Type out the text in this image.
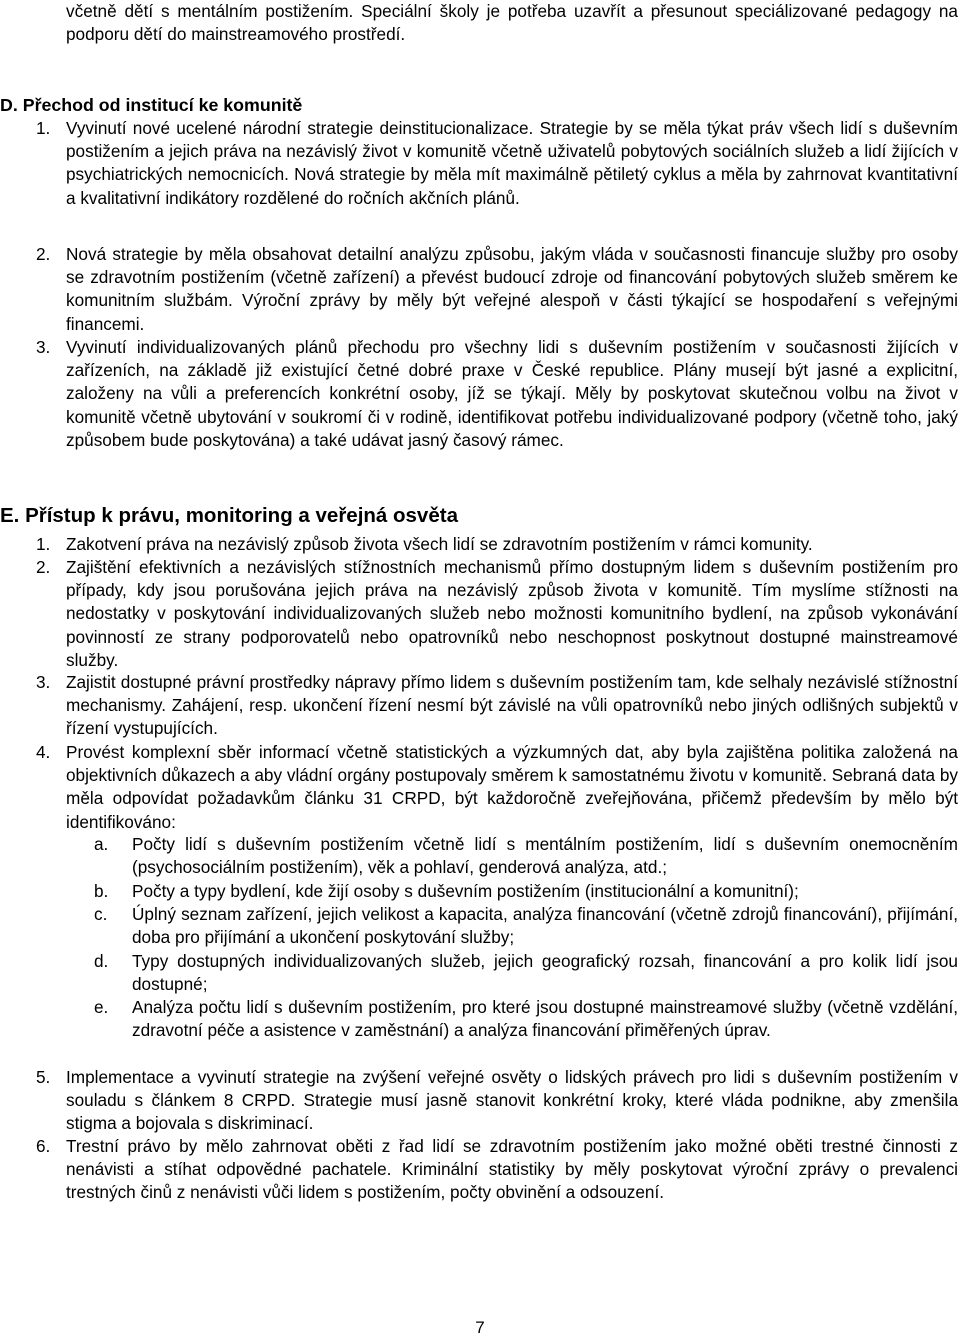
včetně dětí s mentálním postižením. Speciální školy je potřeba uzavřít a přesunout speciálizované pedagogy na podporu dětí do mainstreamového prostředí.

D. Přechod od institucí ke komunitě
1. Vyvinutí nové ucelené národní strategie deinstitucionalizace. Strategie by se měla týkat práv všech lidí s duševním postižením a jejich práva na nezávislý život v komunitě včetně uživatelů pobytových sociálních služeb a lidí žijících v psychiatrických nemocnicích. Nová strategie by měla mít maximálně pětiletý cyklus a měla by zahrnovat kvantitativní a kvalitativní indikátory rozdělené do ročních akčních plánů.

2. Nová strategie by měla obsahovat detailní analýzu způsobu, jakým vláda v současnosti financuje služby pro osoby se zdravotním postižením (včetně zařízení) a převést budoucí zdroje od financování pobytových služeb směrem ke komunitním službám. Výroční zprávy by měly být veřejné alespoň v části týkající se hospodaření s veřejnými financemi.

3. Vyvinutí individualizovaných plánů přechodu pro všechny lidi s duševním postižením v současnosti žijících v zařízeních, na základě již existující četné dobré praxe v České republice. Plány musejí být jasné a explicitní, založeny na vůli a preferencích konkrétní osoby, jíž se týkají. Měly by poskytovat skutečnou volbu na život v komunitě včetně ubytování v soukromí či v rodině, identifikovat potřebu individualizované podpory (včetně toho, jaký způsobem bude poskytována) a také udávat jasný časový rámec.

E. Přístup k právu, monitoring a veřejná osvěta
1. Zakotvení práva na nezávislý způsob života všech lidí se zdravotním postižením v rámci komunity.

2. Zajištění efektivních a nezávislých stížnostních mechanismů přímo dostupným lidem s duševním postižením pro případy, kdy jsou porušována jejich práva na nezávislý způsob života v komunitě. Tím myslíme stížnosti na nedostatky v poskytování individualizovaných služeb nebo možnosti komunitního bydlení, na způsob vykonávání povinností ze strany podporovatelů nebo opatrovníků nebo neschopnost poskytnout dostupné mainstreamové služby.

3. Zajistit dostupné právní prostředky nápravy přímo lidem s duševním postižením tam, kde selhaly nezávislé stížnostní mechanismy. Zahájení, resp. ukončení řízení nesmí být závislé na vůli opatrovníků nebo jiných odlišných subjektů v řízení vystupujících.

4. Provést komplexní sběr informací včetně statistických a výzkumných dat, aby byla zajištěna politika založená na objektivních důkazech a aby vládní orgány postupovaly směrem k samostatnému životu v komunitě. Sebraná data by měla odpovídat požadavkům článku 31 CRPD, být každoročně zveřejňována, přičemž především by mělo být identifikováno:

a.	Počty lidí s duševním postižením včetně lidí s mentálním postižením, lidí s duševním onemocněním (psychosociálním postižením), věk a pohlaví, genderová analýza, atd.;

b.	Počty a typy bydlení, kde žijí osoby s duševním postižením (institucionální a komunitní);

c.	Úplný seznam zařízení, jejich velikost a kapacita, analýza financování (včetně zdrojů financování), přijímání, doba pro přijímání a ukončení poskytování služby;

d.	Typy dostupných individualizovaných služeb, jejich geografický rozsah, financování a pro kolik lidí jsou dostupné;

e.	Analýza počtu lidí s duševním postižením, pro které jsou dostupné mainstreamové služby (včetně vzdělání, zdravotní péče a asistence v zaměstnání) a analýza financování přiměřených úprav.

5. Implementace a vyvinutí strategie na zvýšení veřejné osvěty o lidských právech pro lidi s duševním postižením v souladu s článkem 8 CRPD. Strategie musí jasně stanovit konkrétní kroky, které vláda podnikne, aby zmenšila stigma a bojovala s diskriminací.

6. Trestní právo by mělo zahrnovat oběti z řad lidí se zdravotním postižením jako možné oběti trestné činnosti z nenávisti a stíhat odpovědné pachatele. Kriminální statistiky by měly poskytovat výroční zprávy o prevalenci trestných činů z nenávisti vůči lidem s postižením, počty obvinění a odsouzení.

7
